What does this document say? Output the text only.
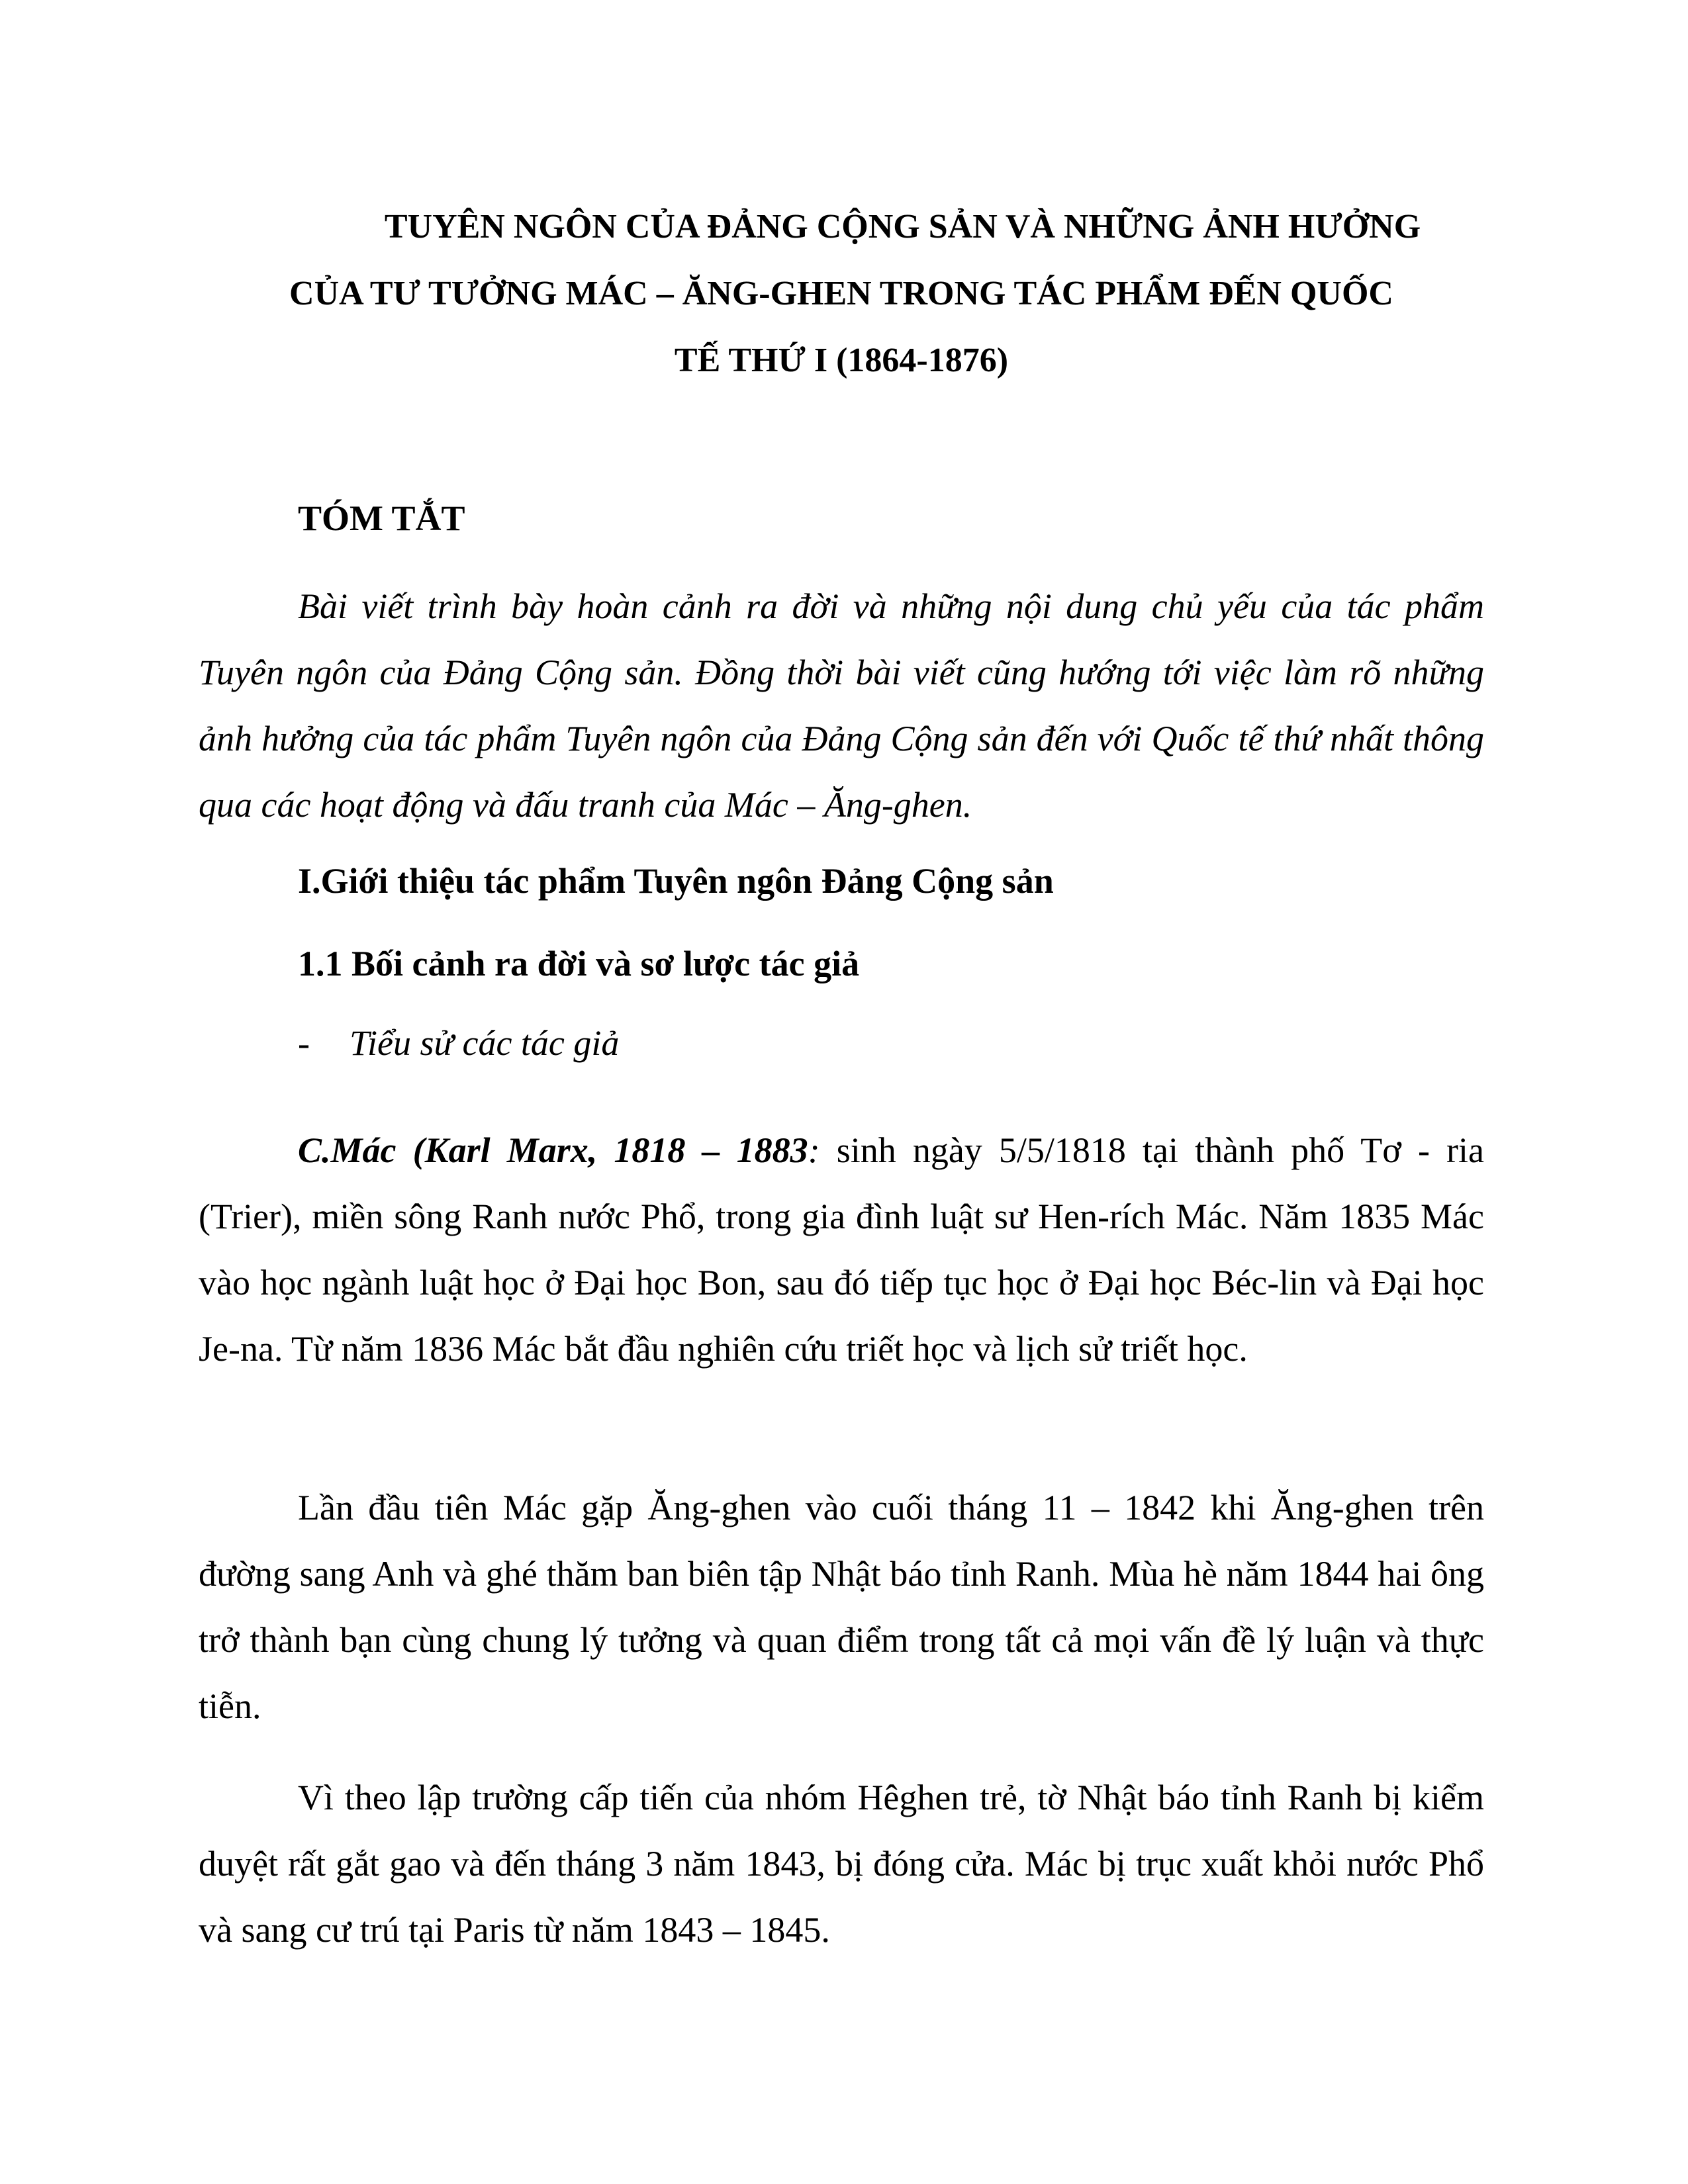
TUYÊN NGÔN CỦA ĐẢNG CỘNG SẢN VÀ NHỮNG ẢNH HƯỞNG
CỦA TƯ TƯỞNG MÁC – ĂNG-GHEN TRONG TÁC PHẨM ĐẾN QUỐC
TẾ THỨ I (1864-1876)
TÓM TẮT

Bài viết trình bày hoàn cảnh ra đời và những nội dung chủ yếu của tác phẩm Tuyên ngôn của Đảng Cộng sản. Đồng thời bài viết cũng hướng tới việc làm rõ những ảnh hưởng của tác phẩm Tuyên ngôn của Đảng Cộng sản đến với Quốc tế thứ nhất thông qua các hoạt động và đấu tranh của Mác – Ăng-ghen.

I.Giới thiệu tác phẩm Tuyên ngôn Đảng Cộng sản
1.1 Bối cảnh ra đời và sơ lược tác giả
- Tiểu sử các tác giả

C.Mác (Karl Marx, 1818 – 1883: sinh ngày 5/5/1818 tại thành phố Tơ - ria (Trier), miền sông Ranh nước Phổ, trong gia đình luật sư Hen-rích Mác. Năm 1835 Mác vào học ngành luật học ở Đại học Bon, sau đó tiếp tục học ở Đại học Béc-lin và Đại học Je-na. Từ năm 1836 Mác bắt đầu nghiên cứu triết học và lịch sử triết học.

Lần đầu tiên Mác gặp Ăng-ghen vào cuối tháng 11 – 1842 khi Ăng-ghen trên đường sang Anh và ghé thăm ban biên tập Nhật báo tỉnh Ranh. Mùa hè năm 1844 hai ông trở thành bạn cùng chung lý tưởng và quan điểm trong tất cả mọi vấn đề lý luận và thực tiễn.

Vì theo lập trường cấp tiến của nhóm Hêghen trẻ, tờ Nhật báo tỉnh Ranh bị kiểm duyệt rất gắt gao và đến tháng 3 năm 1843, bị đóng cửa. Mác bị trục xuất khỏi nước Phổ và sang cư trú tại Paris từ năm 1843 – 1845.
